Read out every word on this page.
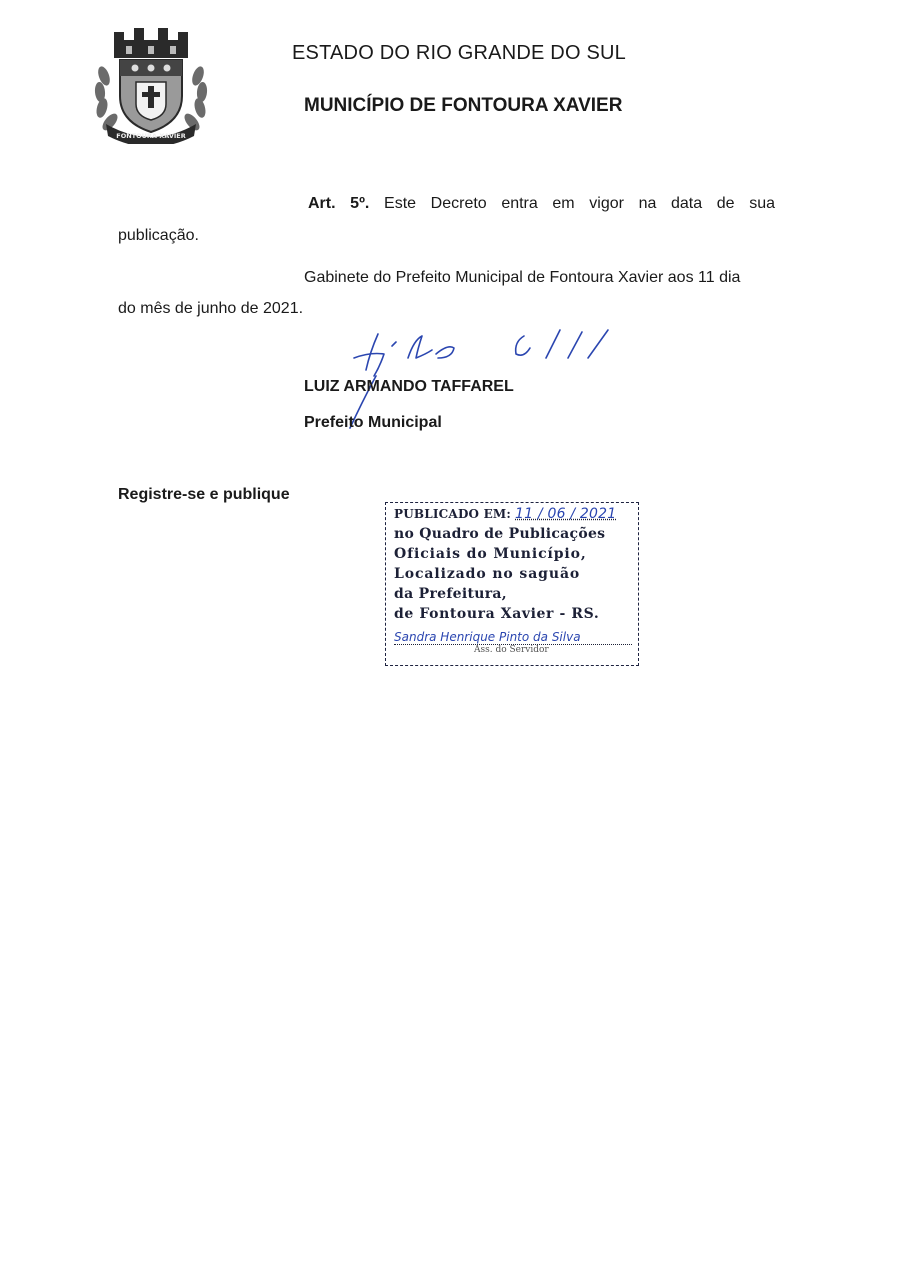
FONTOURA XAVIER
ESTADO DO RIO GRANDE DO SUL
MUNICÍPIO DE FONTOURA XAVIER
Art. 5º. Este Decreto entra em vigor na data de sua
publicação.
Gabinete do Prefeito Municipal de Fontoura Xavier aos 11 dia
do mês de junho de 2021.
LUIZ ARMANDO TAFFAREL
Prefeito Municipal
Registre-se e publique
PUBLICADO EM: 11 / 06 / 2021
no Quadro de Publicações
Oficiais do Município,
Localizado no saguão
da Prefeitura,
de Fontoura Xavier - RS.
Sandra Henrique Pinto da Silva
Ass. do Servidor
